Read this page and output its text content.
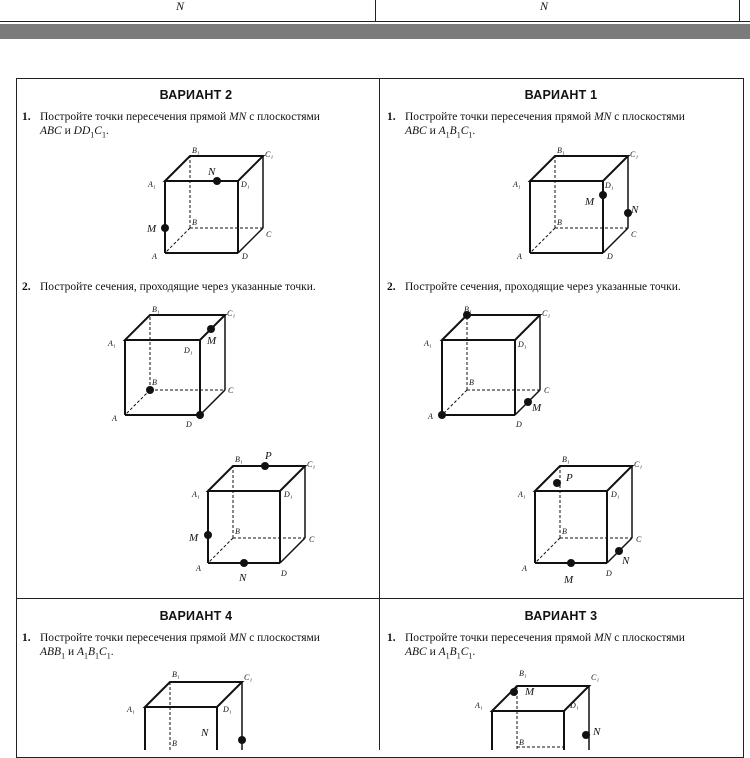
N	N
ВАРИАНТ 2	ВАРИАНТ 1
ВАРИАНТ 4	ВАРИАНТ 3
1. Постройте точки пересечения прямой MN с плоскостями
ABC и $DD_1C_1$.
1. Постройте точки пересечения прямой MN с плоскостями
ABC и $A_1B_1C_1$.
2. Постройте сечения, проходящие через указанные точки.	2. Постройте сечения, проходящие через указанные точки.
1. Постройте точки пересечения прямой MN с плоскостями
$ABB_1$ и $A_1B_1C_1$.
1. Постройте точки пересечения прямой MN с плоскостями
ABC и $A_1B_1C_1$.
B₁	C₁
A₁	D₁
B
C
A	D
N
M
B₁	C₁
A₁	D₁
B
C
A	D
M
N
B₁	C₁
A₁
D₁
B
C
A
D
M
B₁	C₁
A₁	D₁
B
C
A
D
M
B₁
C₁
A₁	D₁
B
C
A
D
P
M
N
B₁
C₁
A₁	D₁
B
C
A
D
P
M
N
B₁	C₁
A₁	D₁
B
N
B₁	C₁
A₁	D₁
B
M
N
